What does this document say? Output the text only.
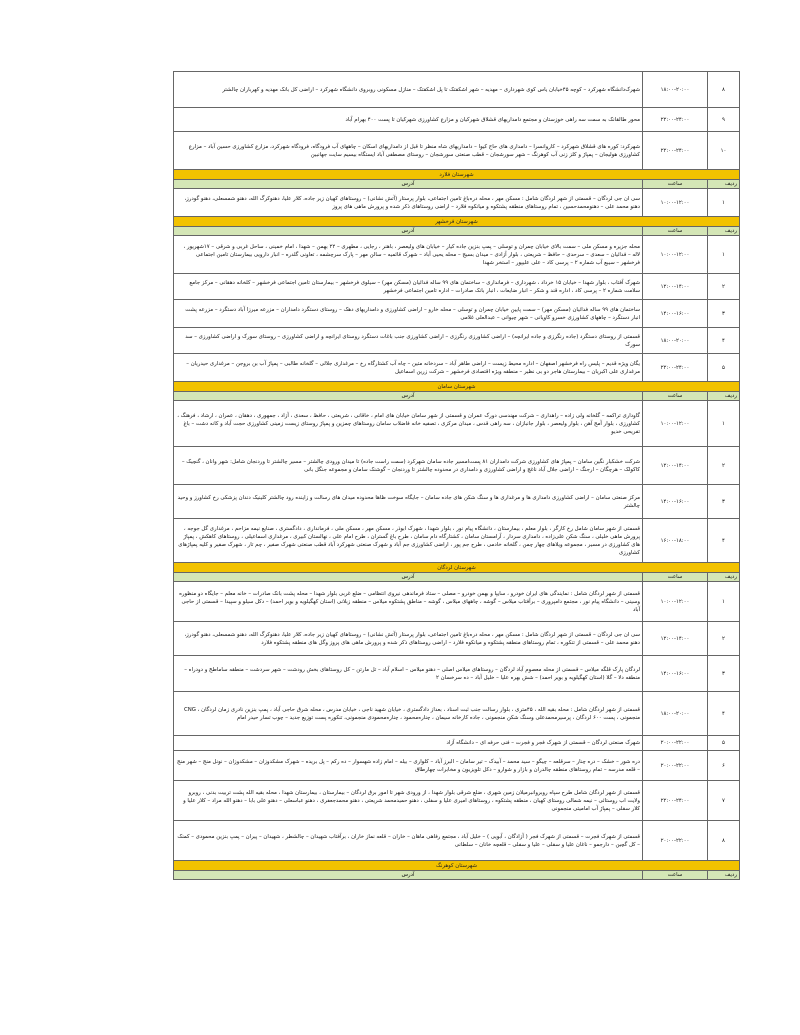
۸	۱۸:۰۰-۲۰:۰۰	شهرک‌دانشگاه شهرکرد – کوچه ۴۵خیابان یاس کوی شهرداری – مهدیه – شهر اشکفتک تا پل اشکفتک – منازل مسکونی روبروی دانشگاه شهرکرد – اراضی کل بانک مهدیه و کهرباران چالشتر
۹	۲۲:۰۰-۲۴:۰۰	محور طالقانک به سمت سه راهی خوزستان و مجتمع دامداریهای قشلاق شهرکیان و مزارع کشاورزی شهرکیان تا پست ۴۰۰ بهرام آباد
۱۰	۲۲:۰۰-۲۴:۰۰	شهرکرد: کوره های قشلاق شهرکرد – کاروانسرا – دامداری های حاج کیوا – دامداریهای شاه منظر تا قبل از دامداریهای اسکان – چاههای آب فرودگاه، فرودگاه شهرکرد، مزارع کشاورزی حسین آباد – مزارع کشاورزی هولیجان – پمپاژ و کلز زنی آب کوهرنگ – شهر سورشجان – قطب صنعتی سورشجان – روستای مصطفی آباد ایستگاه بیسیم سایت جهانبین
شهرستان فلارد		
ردیف	ساعت	آدرس
۱	۱۰:۰۰-۱۲:۰۰	سی ان جی لردگان – قسمتی از شهر لردگان شامل : مسکن مهر ، محله دره‌باغ تامین اجتماعی، بلوار پرستار (آتش نشانی) – روستاهای کهیان زیر جاده، کلار علیا، دهنوکرگ الله، دهنو شمسعلی، دهنو گودرز، دهنو محمد علی – دهنومحمدحسین ، تمام روستاهای منطقه پشتکوه و میانکوه فلارد – اراضی روستاهای ذکر شده و پرورش ماهی های پروز
شهرستان فرخشهر		
ردیف	ساعت	آدرس
۱	۱۰:۰۰-۱۲:۰۰	محله جزیره و مسکن ملی – سمت بالای خیابان چمران و توسلی – پمپ بنزین جاده کیار – خیابان های ولیعصر ، باهنر ، رجایی ، مطهری – ۲۲ بهمن – شهدا ، امام خمینی ، ساحل غربی و شرقی – ۱۷شهریور ، لاله – فدائیان – سعدی – سرحدی – حافظ – شریعتی ، بلوار آزادی – میدان بسیج – محله یحیی آباد – شهرک قائمیه – سالن مهر – پارک سرچشمه ، تعاونی گلدره – انبار دارویی بیمارستان تامین اجتماعی فرخشهر – سیبع آب شماره ۲ – پرسی کاد – علی علیپور – استخر شهدا
۲	۱۲:۰۰-۱۴:۰۰	شهرک آفتاب ، بلوار شهدا – خیابان ۱۵ خرداد ، شهرداری – فرمانداری – ساختمان های ۹۹ ساله فدائیان (مسکن مهر) – سیلوی فرخشهر – بیمارستان تامین اجتماعی فرخشهر – کلخانه دهقانی – مرکز جامع سلامت شماره ۲ – پرسی کاد ، اداره قند و شکر – انبار ضایعات ، انبار بانک صادرات – اداره تامین اجتماعی فرخشهر
۳	۱۴:۰۰-۱۶:۰۰	ساختمان های ۹۹ ساله فدائیان (مسکن مهر) – سمت پایین خیابان چمران و توسلی – محله خارو – اراضی کشاورزی و دامداریهای دهک – روستای دستگرد دامداران – مزرعه میرزا آباد دستگرد – مزرعه پشت انبار دستگرد – چاههای کشاورزی خسرو کاویانی – شهر چیوانی – عبدالعلی غلامی
۴	۱۸:۰۰-۲۰:۰۰	قسمتی از روستای دستگرد (جاده رنگرزی و جاده ایرانچه) – اراضی کشاورزی رنگرزی – اراضی کشاورزی جنب باغات دستگرد روستای ایرانچه و اراضی کشاورزی – روستای سورک و اراضی کشاورزی – سد سورک
۵	۲۲:۰۰-۲۴:۰۰	یگان ویژه قدیم – پلیس راه فرخشهر اصفهان – اداره محیط زیست – اراضی طاهر آباد – سردخانه متین – چاه آب کشتارگاه رخ – مرغداری جلالی – گلخانه طالبی – پمپاژ آب بن بروجن – مرغداری حیدریان – مرغداری علی اکبریان – بیمارستان هاجر دو بی نظیر – منطقه ویژه اقتصادی فرخشهر – شرکت زرین اسماعیل
شهرستان سامان		
ردیف	ساعت	آدرس
۱	۱۰:۰۰-۱۲:۰۰	گاوداری تراکمه – گلخانه ولی زاده – راهداری – شرکت مهندسی دورک عمران و قسمتی از شهر سامان خیابان های امام ، خاقانی ، شریعتی ، حافظ ، سعدی ، آزاد ، جمهوری ، دهقان ، عمران ، ارشاد ، فرهنگ ، کشاورزی ، بلوار آمج آهن ، بلوار ولیعصر ، بلوار جانبازان ، سه راهی قدس ، میدان مرکزی ، تصفیه خانه فاضلاب سامان روستاهای چمزین و پمپاژ روستای زیست زمینی کشاورزی حجت آباد و کانه دشت – باغ تفریحی خدیو
۲	۱۲:۰۰-۱۴:۰۰	شرکت خشکبار نگین سامان – پمپاژ های کشاورزی شرکت دامداران ۸۱ پست‌امسیر جاده سامان شهرکرد (سمت راست جاده) تا میدان ورودی چالشتر – مسیر چالشتر تا وردنجان شامل: شهر وانان ، گنچیک – کاکولک – هرچگان – ارجنگ – اراضی جلال آباد ناغچ و اراضی کشاورزی و دامداری در محدوده چالشتر تا وردنجان – گوشنک سامان و مجموعه جنگل بانی
۳	۱۴:۰۰-۱۶:۰۰	مرکز صنعتی سامان – اراضی کشاورزی دامداری ها و مرغداری ها و سنگ شکن های جاده سامان – جایگاه سوخت ظاها محدوده میدان های رسالت و زاینده رود چالشتر کلینیک دندان پزشکی رخ کشاورز و وحید چالشتر
۴	۱۶:۰۰-۱۸:۰۰	قسمتی از شهر سامان شامل رخ کارگر ، بلوار معلم ، بیمارستان ، دانشگاه پیام نور ، بلوار شهدا ، شهرک ابوذر ، مسکن مهر ، مسکن ملی ، فرمانداری ، دادگستری ، صنایع نیمه مزاحم ، مرغداری گل جوجه ، پرورش ماهی خلیلی ، سنگ شکن علی‌زاده ، دامداری سردار ، آرامستان سامان ، کشتارگاه دام سامان ، طرح باغ گستران ، طرح امام علی ، نهالستان کبیری ، مرغداری اسماعیلی ، روستاهای کاهکش ، پمپاژ های کشاورزی در مسیر ، مجموعه ویلاهای چهار چمن ، گلخانه خادمی ، طرح جم پور ، اراضی کشاورزی جم آباد و شهرک صنعتی شهرکرد آباد قطب صنعتی شهرک صفیر ، چم تار ، شهرک صفیر و کلیه پمپاژهای کشاورزی
شهرستان لردگان		
ردیف	ساعت	آدرس
۱	۱۰:۰۰-۱۲:۰۰	قسمتی از شهر لردگان شامل : نمایندگی های ایران خودرو ، سایپا و بهمن خودرو – مصلی – ستاد فرماندهی نیروی انتظامی – ضلع غربی بلوار شهدا – محله پشت بانک صادرات – خانه معلم – جایگاه دو منظوره وسینی – دانشگاه پیام نور ، مجتمع دامپروری – برآفتاب میلاس – گوشه ، چاههای میلاس ، گوشه – مناطق پشتکوه میلاس – منطقه زبلانی (استان کهگیلویه و بویر احمد) – دکل سیلو و سپیدا – قسمتی از حاجی آباد
۲	۱۲:۰۰-۱۴:۰۰	سی ان جی لردگان – قسمتی از شهر لردگان شامل : مسکن مهر ، محله دره‌باغ تامین اجتماعی، بلوار پرستار (آتش نشانی) – روستاهای کهیان زیر جاده، کلار علیا، دهنوکرگ الله، دهنو شمسعلی، دهنو گودرز، دهنو محمد علی – قسمتی از تنکوره ، تمام روستاهای منطقه پشتکوه و میانکوه فلارد – اراضی روستاهای ذکر شده و پرورش ماهی های پروز وگل های منطقه پشتکوه فلارد
۳	۱۴:۰۰-۱۶:۰۰	لردگان پارک قلگه میلاس – قسمتی از محله معصوم آباد لردگان – روستاهای میلاس اصلی – دهنو میلاس – اسلام آباد – تل مارتن – کل روستاهای بخش رودشت – شهر سردشت – منطقه ساماطخ و دودراه – منطقه دلا – گلا (استان کهگیلویه و بویر احمد) – شش بهره علیا – خلیل آباد – ده سرخسان ۲
۴	۱۸:۰۰-۲۰:۰۰	قسمتی از شهر لردگان شامل : محله بقیه الله ، ۴۵متری ، بلوار رسالت جنب ثبت اسناد ، بعداز دادگستری ، خیابان شهید ناجی ، خیابان مدرس ، محله شرق حاجی آباد ، پمپ بنزین نادری زمان لردگان ، CNG منجمونی ، پست ۶۰۰ لردگان ، پرسیرمحمدعلی وسنگ شکن منجمونی ، جاده کارخانه سیمان ، چناره‌محمود ، چناره‌محمودی منجمونی، تنکوره پست توزیع جدید – چوب تسار حیدر امام
۵	۲۰:۰۰-۲۲:۰۰	شهرک صنعتی لردگان – قسمتی از شهرک فجر و فجرت – فنی حرفه ای – دانشگاه آزاد
۶	۲۰:۰۰-۲۲:۰۰	دره شور – خشک – دره چنار – سرقلعه – چیگو – سید محمد – آبیدک – تیر سامان – البرز آباد – کلواری – بیله – امام زاده شهسوار – ده رکم – پل بریده – شهرک مشکدوزان – مشکدوزان – نونل منج – شهر منج – قلعه مدرسه – تمام روستاهای منطقه چالدران و بازار و شوارو – دکل تلویزیون و مخابرات چهارطاق
۷	۲۲:۰۰-۲۴:۰۰	قسمتی از شهر لردگان شامل طرح سپاه روبروانبرمیلان زمین شهری ، ضلع شرقی بلوار شهدا ، از ورودی شهر تا امور برق لردگان – بیمارستان ، بیمارستان شهدا ، محله بقیه الله پشت تربیت بدنی ، روبرو ولایت اب روستائی – نیمه شمالی روستای کهیان ، منطقه پشتکوه ، روستاهای امیری علیا و سفلی ، دهنو حمیدمحمد شریعتی ، دهنو محمدجعفری ، دهنو عباسعلی – دهنو علی بابا – دهنو الله مراد – کلار علیا و کلار سفلی – پمپاژ آب امامیتی منجمونی
۸	۲۰:۰۰-۲۲:۰۰	قسمتی از شهرک فجرت – قسمتی از شهرک فجر ( آزادگان ، آبویی ) – خلیل آباد ، مجتمع رفاهی ماهان – خاران – قلعه نماز خاران ، برآفتاب شهیدان – چالشطر ، شهیدان – پیران – پمپ بنزین محمودی – کمنک – کل گچین – دارجمو – ناغان علیا و سفلی – علیا و سفلی – قلعچه خانان – سلطانی
شهرستان کوهرنگ		
ردیف	ساعت	آدرس
